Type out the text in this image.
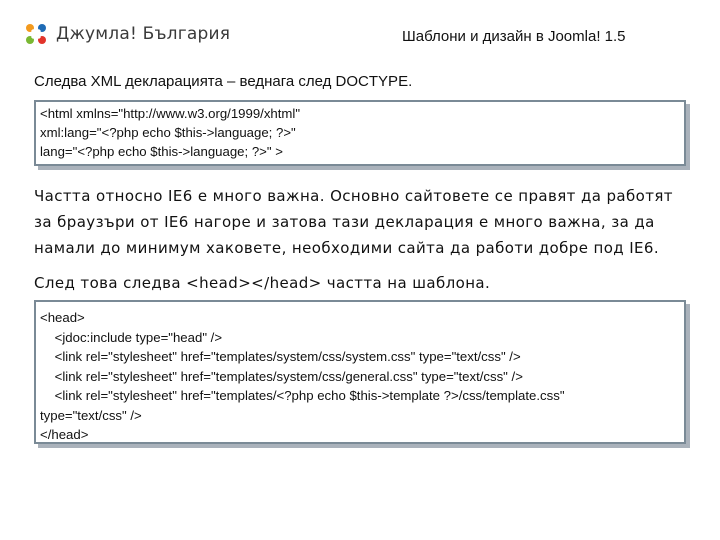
Джумла! България	Шаблони и дизайн в Joomla! 1.5
Следва XML декларацията – веднага след DOCTYPE.
<html xmlns="http://www.w3.org/1999/xhtml"
xml:lang="<?php echo $this->language; ?>"
lang="<?php echo $this->language; ?>" >
Частта относно IE6 е много важна. Основно сайтовете се правят да работят за браузъри от IE6 нагоре и затова тази декларация е много важна, за да намали до минимум хаковете, необходими сайта да работи добре под IE6.
След това следва <head></head> частта на шаблона.
<head>
<jdoc:include type="head" />
<link rel="stylesheet" href="templates/system/css/system.css" type="text/css" />
<link rel="stylesheet" href="templates/system/css/general.css" type="text/css" />
<link rel="stylesheet" href="templates/<?php echo $this->template ?>/css/template.css"
type="text/css" />
</head>
